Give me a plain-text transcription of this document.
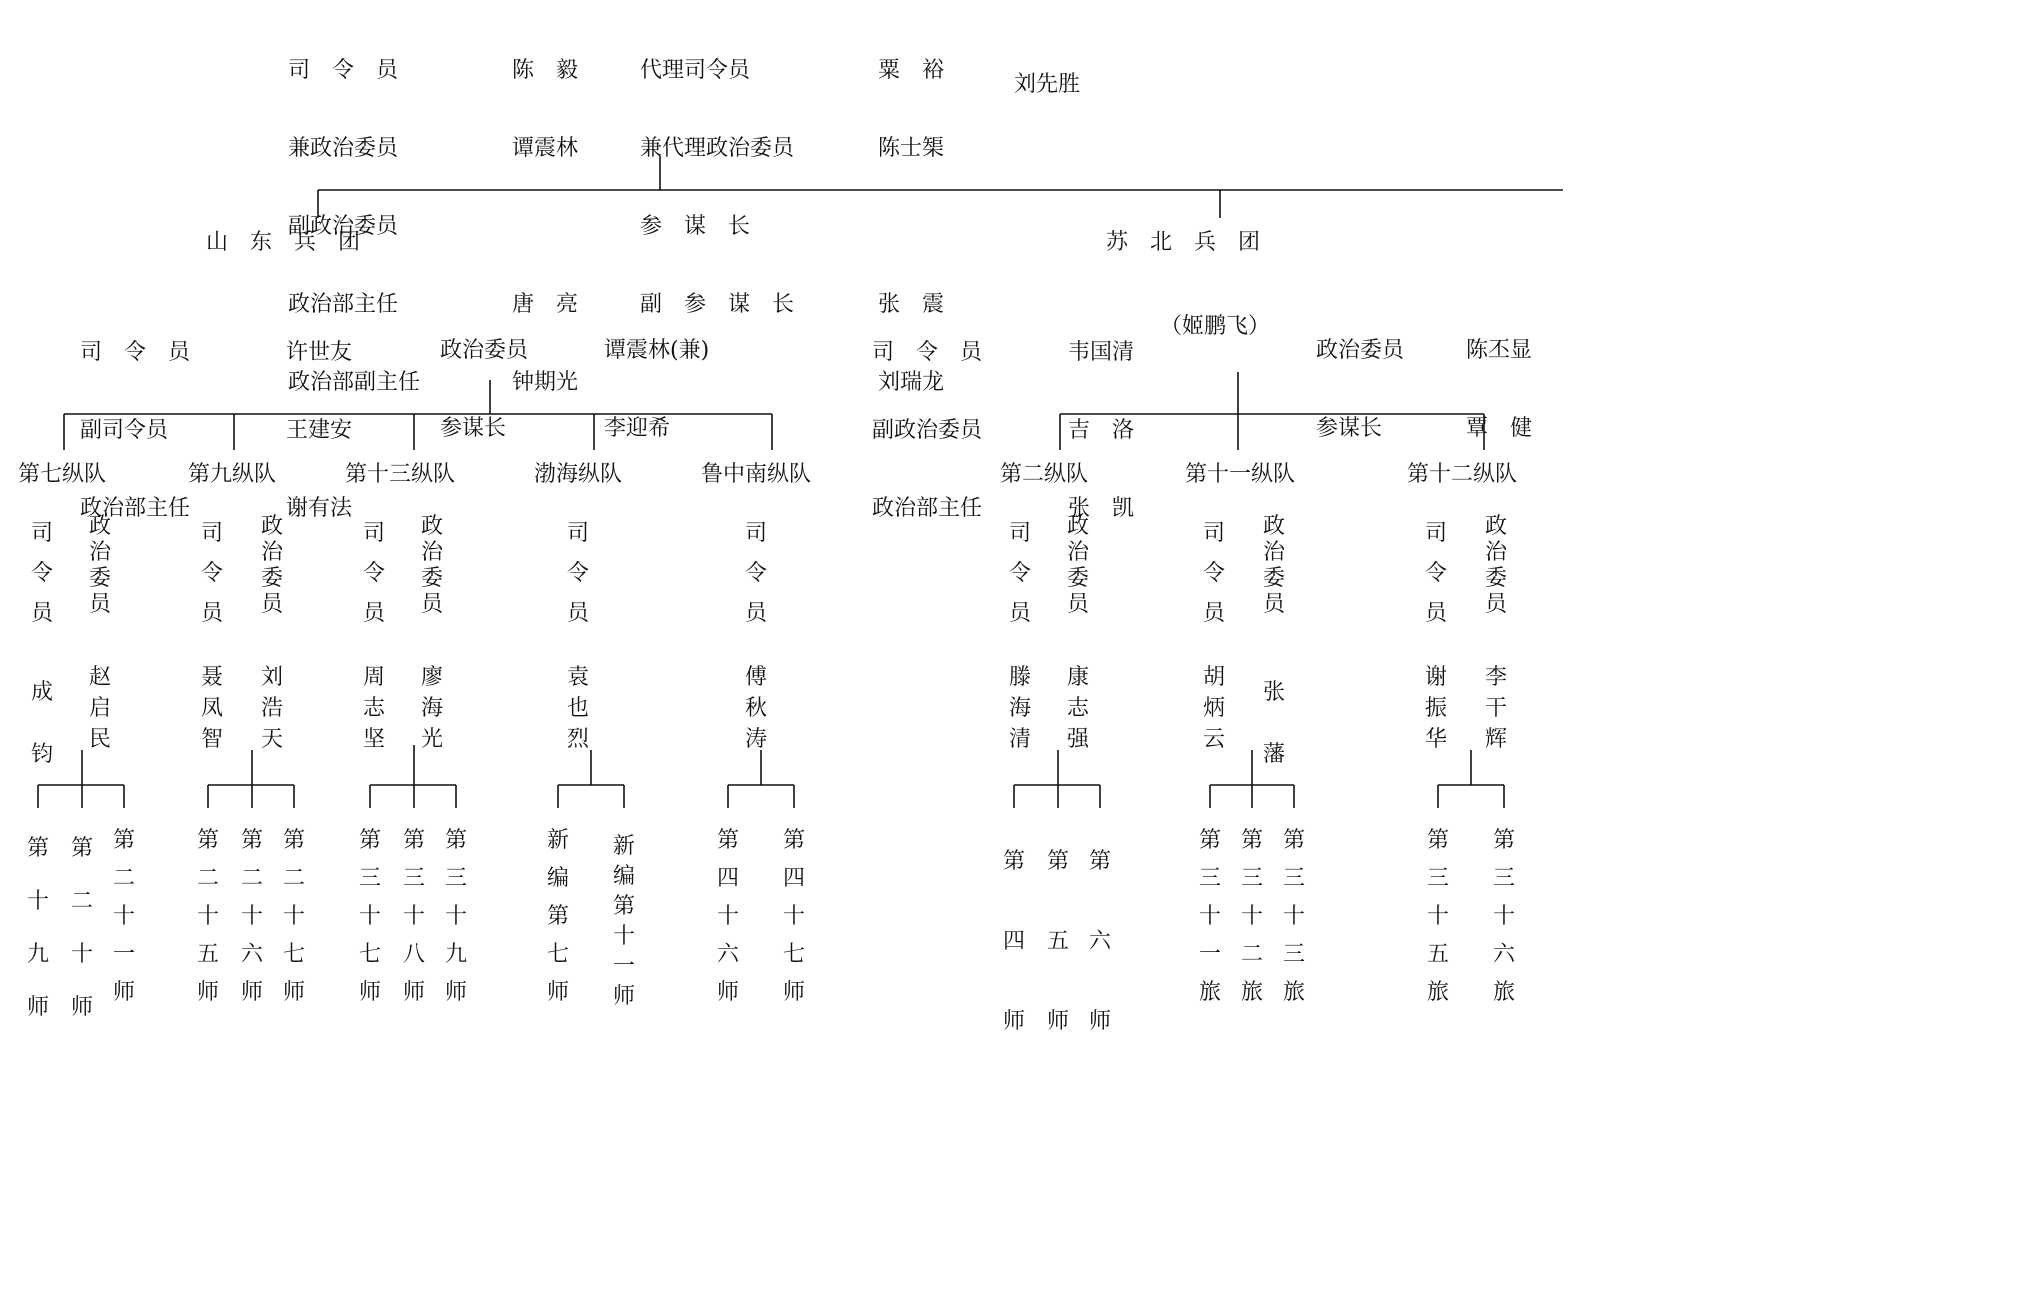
司　令　员

兼政治委员

副政治委员

政治部主任

政治部副主任

陈　毅

谭震林

唐　亮

钟期光

代理司令员

兼代理政治委员

参　谋　长

副　参　谋　长

粟　裕

陈士榘

张　震

刘瑞龙

刘先胜
山　东　兵　团	苏　北　兵　团

司　令　员

副司令员

政治部主任

许世友

王建安

谢有法

政治委员

参谋长

谭震林(兼)

李迎希

司　令　员

副政治委员

政治部主任

韦国清

吉　洛

张　凯

（姬鹏飞）

政治委员

参谋长

陈丕显

覃　健

第七纵队
司
令
员
政
治
委
员
成
钧
赵
启
民
第
十
九
师
第
二
十
师
第
二
十
一
师
第九纵队
司
令
员
政
治
委
员
聂
凤
智
刘
浩
天
第
二
十
五
师
第
二
十
六
师
第
二
十
七
师
第十三纵队
司
令
员
政
治
委
员
周
志
坚
廖
海
光
第
三
十
七
师
第
三
十
八
师
第
三
十
九
师
渤海纵队
司
令
员
袁
也
烈
新
编
第
七
师
新
编
第
十
一
师
鲁中南纵队
司
令
员
傅
秋
涛
第
四
十
六
师
第
四
十
七
师
第二纵队
司
令
员
政
治
委
员
滕
海
清
康
志
强
第
四
师
第
五
师
第
六
师
第十一纵队
司
令
员
政
治
委
员
胡
炳
云
张
藩
第
三
十
一
旅
第
三
十
二
旅
第
三
十
三
旅
第十二纵队
司
令
员
政
治
委
员
谢
振
华
李
干
辉
第
三
十
五
旅
第
三
十
六
旅
